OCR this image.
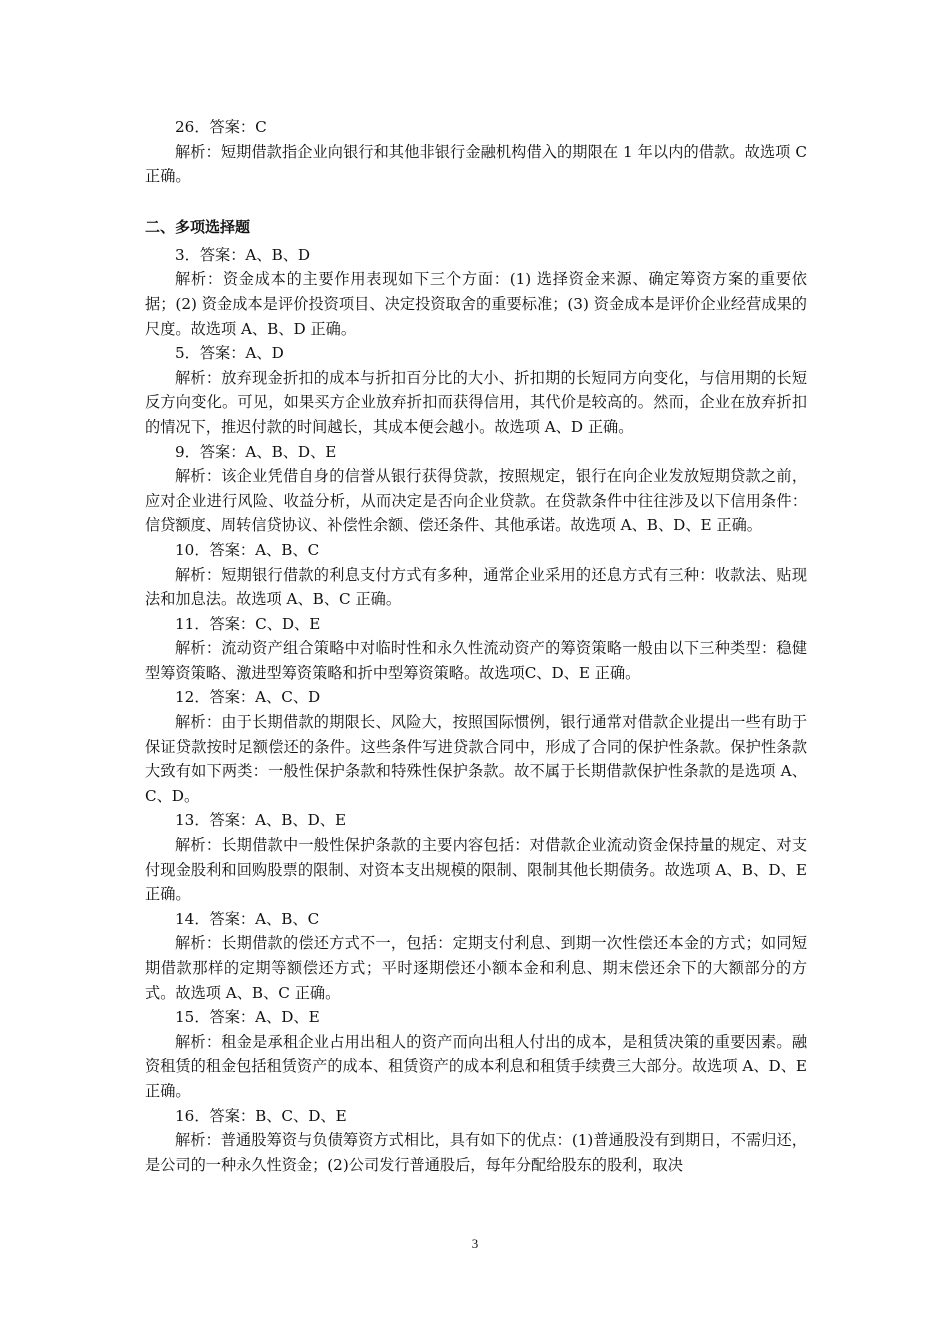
26．答案：C

解析：短期借款指企业向银行和其他非银行金融机构借入的期限在 1 年以内的借款。故选项 C 正确。

二、多项选择题

3．答案：A、B、D

解析：资金成本的主要作用表现如下三个方面：(1) 选择资金来源、确定筹资方案的重要依据；(2) 资金成本是评价投资项目、决定投资取舍的重要标准；(3) 资金成本是评价企业经营成果的尺度。故选项 A、B、D 正确。

5．答案：A、D

解析：放弃现金折扣的成本与折扣百分比的大小、折扣期的长短同方向变化，与信用期的长短反方向变化。可见，如果买方企业放弃折扣而获得信用，其代价是较高的。然而，企业在放弃折扣的情况下，推迟付款的时间越长，其成本便会越小。故选项 A、D 正确。

9．答案：A、B、D、E

解析：该企业凭借自身的信誉从银行获得贷款，按照规定，银行在向企业发放短期贷款之前，应对企业进行风险、收益分析，从而决定是否向企业贷款。在贷款条件中往往涉及以下信用条件：信贷额度、周转信贷协议、补偿性余额、偿还条件、其他承诺。故选项 A、B、D、E 正确。

10．答案：A、B、C

解析：短期银行借款的利息支付方式有多种，通常企业采用的还息方式有三种：收款法、贴现法和加息法。故选项 A、B、C 正确。

11．答案：C、D、E

解析：流动资产组合策略中对临时性和永久性流动资产的筹资策略一般由以下三种类型：稳健型筹资策略、激进型筹资策略和折中型筹资策略。故选项C、D、E 正确。

12．答案：A、C、D

解析：由于长期借款的期限长、风险大，按照国际惯例，银行通常对借款企业提出一些有助于保证贷款按时足额偿还的条件。这些条件写进贷款合同中，形成了合同的保护性条款。保护性条款大致有如下两类：一般性保护条款和特殊性保护条款。故不属于长期借款保护性条款的是选项 A、C、D。

13．答案：A、B、D、E

解析：长期借款中一般性保护条款的主要内容包括：对借款企业流动资金保持量的规定、对支付现金股利和回购股票的限制、对资本支出规模的限制、限制其他长期债务。故选项 A、B、D、E 正确。

14．答案：A、B、C

解析：长期借款的偿还方式不一，包括：定期支付利息、到期一次性偿还本金的方式；如同短期借款那样的定期等额偿还方式；平时逐期偿还小额本金和利息、期末偿还余下的大额部分的方式。故选项 A、B、C 正确。

15．答案：A、D、E

解析：租金是承租企业占用出租人的资产而向出租人付出的成本，是租赁决策的重要因素。融资租赁的租金包括租赁资产的成本、租赁资产的成本利息和租赁手续费三大部分。故选项 A、D、E 正确。

16．答案：B、C、D、E

解析：普通股筹资与负债筹资方式相比，具有如下的优点：(1)普通股没有到期日，不需归还，是公司的一种永久性资金；(2)公司发行普通股后，每年分配给股东的股利，取决

3
